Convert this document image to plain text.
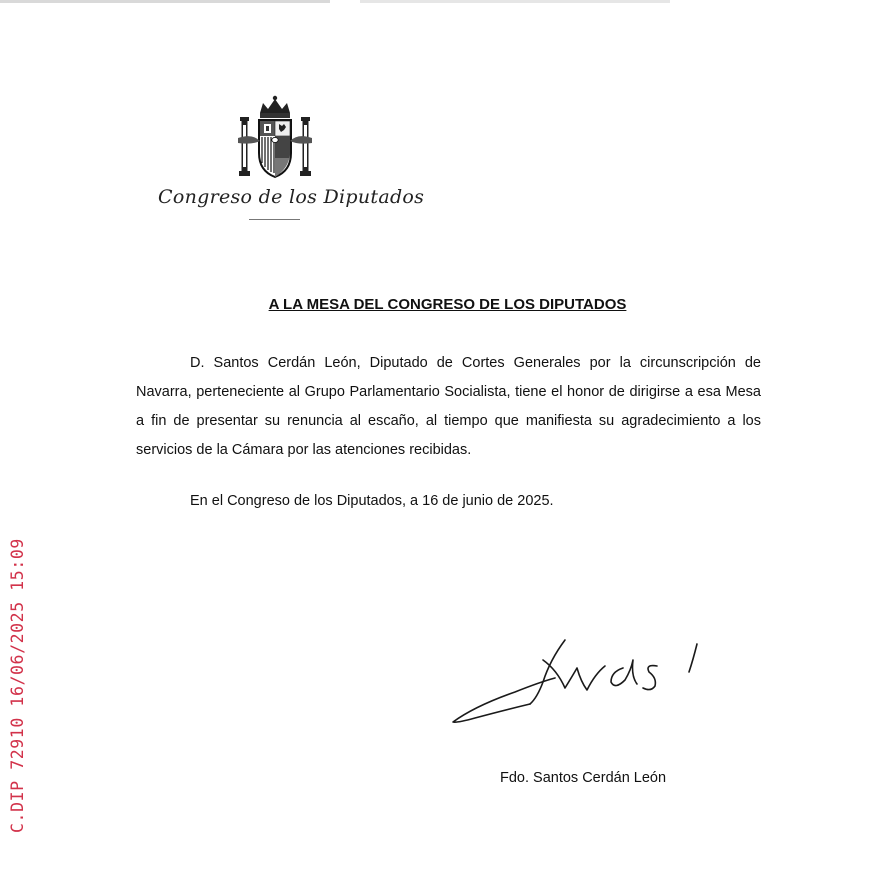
Congreso de los Diputados
A LA MESA DEL CONGRESO DE LOS DIPUTADOS
D. Santos Cerdán León, Diputado de Cortes Generales por la circunscripción de Navarra, perteneciente al Grupo Parlamentario Socialista, tiene el honor de dirigirse a esa Mesa a fin de presentar su renuncia al escaño, al tiempo que manifiesta su agradecimiento a los servicios de la Cámara por las atenciones recibidas.
En el Congreso de los Diputados, a 16 de junio de 2025.
Fdo. Santos Cerdán León
C.DIP 72910 16/06/2025 15:09
